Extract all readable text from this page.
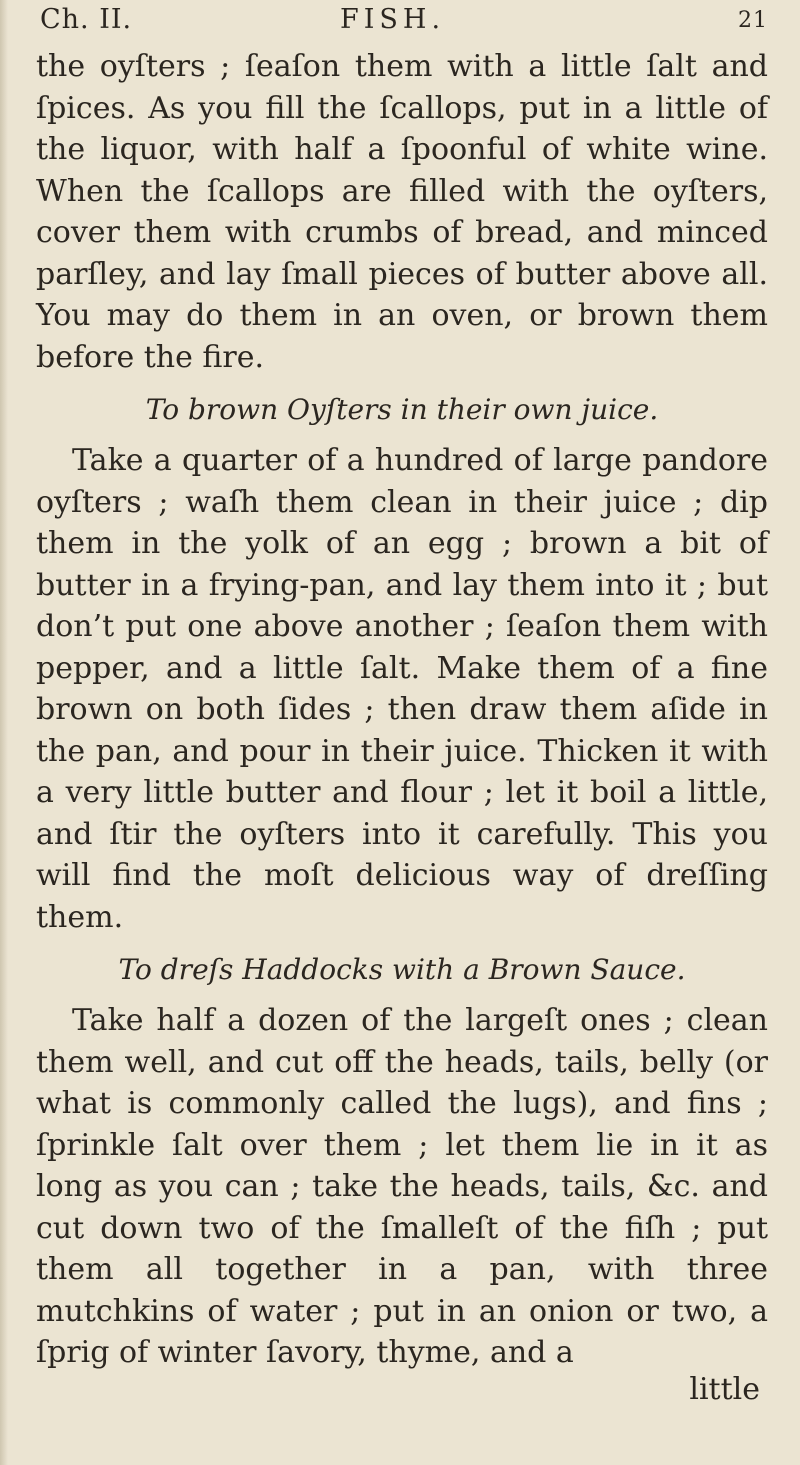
Ch. II.	FISH.	21

the oyſters ; ſeaſon them with a little ſalt and ſpices. As you fill the ſcallops, put in a little of the liquor, with half a ſpoonful of white wine. When the ſcallops are filled with the oyſters, cover them with crumbs of bread, and minced parſley, and lay ſmall pieces of butter above all. You may do them in an oven, or brown them before the fire.

To brown Oyſters in their own juice.

Take a quarter of a hundred of large pandore oyſters ; waſh them clean in their juice ; dip them in the yolk of an egg ; brown a bit of butter in a frying-pan, and lay them into it ; but don’t put one above another ; ſeaſon them with pepper, and a little ſalt. Make them of a fine brown on both ſides ; then draw them aſide in the pan, and pour in their juice. Thicken it with a very little butter and flour ; let it boil a little, and ſtir the oyſters into it carefully. This you will find the moſt delicious way of dreſſing them.

To dreſs Haddocks with a Brown Sauce.

Take half a dozen of the largeſt ones ; clean them well, and cut off the heads, tails, belly (or what is commonly called the lugs), and fins ; ſprinkle ſalt over them ; let them lie in it as long as you can ; take the heads, tails, &c. and cut down two of the ſmalleſt of the fiſh ; put them all together in a pan, with three mutchkins of water ; put in an onion or two, a ſprig of winter ſavory, thyme, and a

little
